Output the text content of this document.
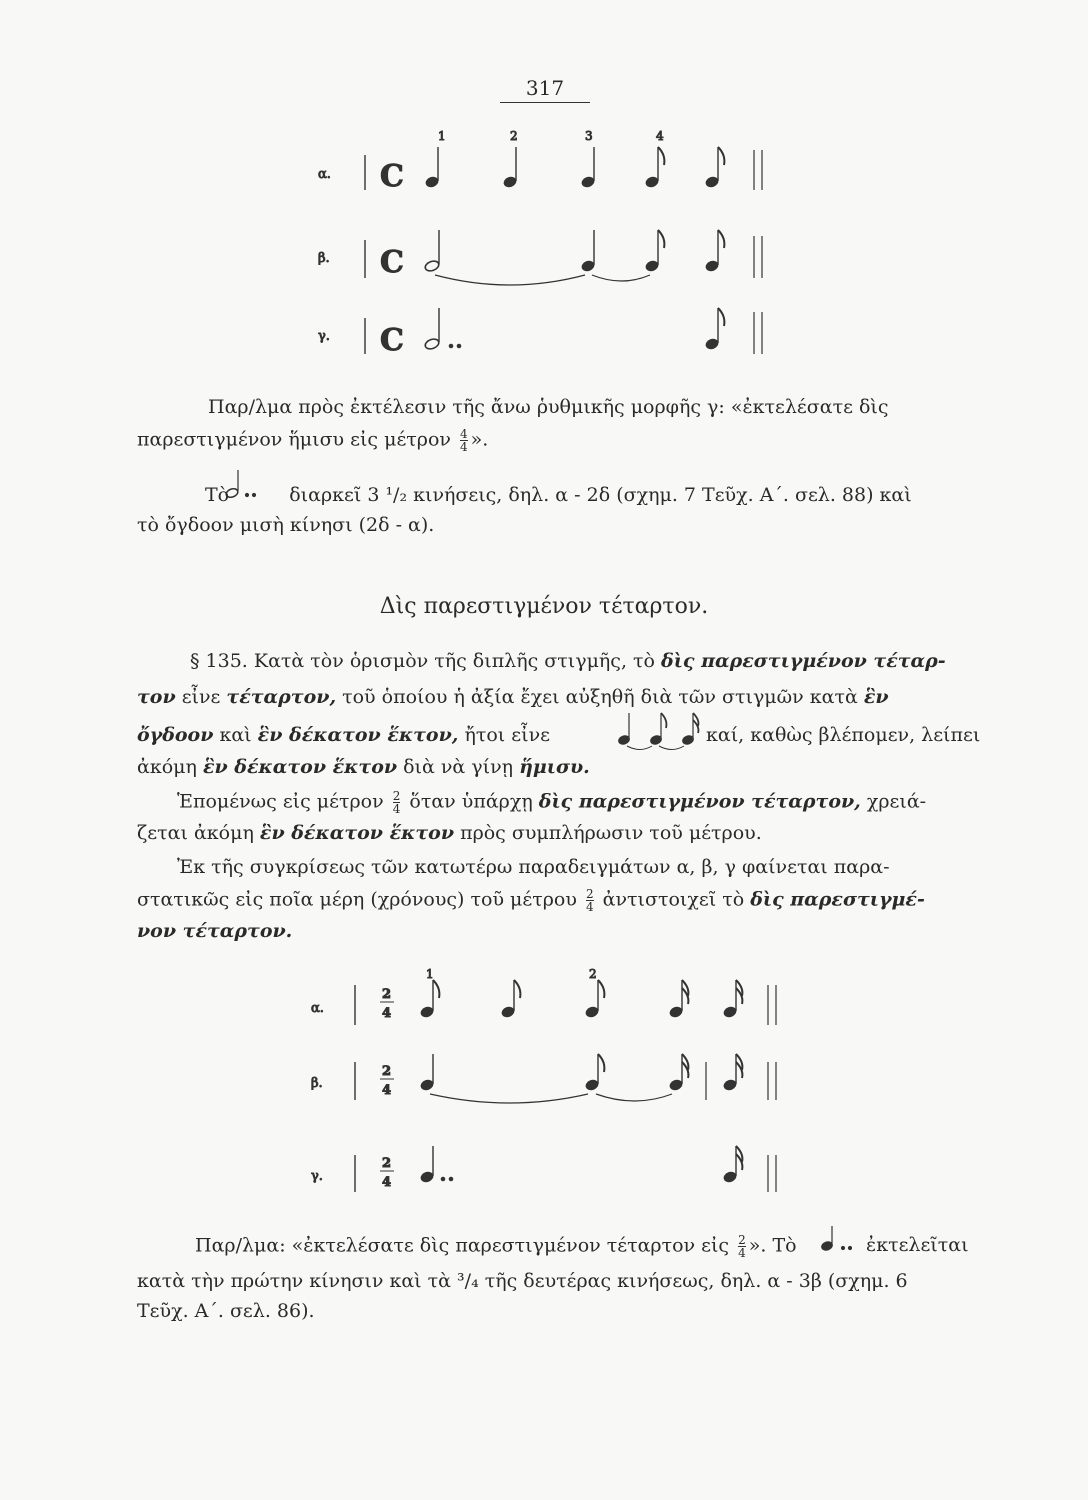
317
C
1	2	3	4
α.
C
β.
C
γ.
Παρ/λμα πρὸς ἐκτέλεσιν τῆς ἄνω ῥυθμικῆς μορφῆς γ: «ἐκτελέσατε δὶς
παρεστιγμένον ἥμισυ εἰς μέτρον $\frac{4}{4}$ ».
Τὸ	διαρκεῖ 3 ¹/₂ κινήσεις, δηλ. α - 2δ (σχημ. 7 Τεῦχ. Α΄. σελ. 88) καὶ
τὸ ὄγδοον μισὴ κίνησι (2δ - α).
Δὶς παρεστιγμένον τέταρτον.
§ 135. Κατὰ τὸν ὁρισμὸν τῆς διπλῆς στιγμῆς, τὸ δὶς παρεστιγμένον τέταρ-
τον εἶνε τέταρτον, τοῦ ὁποίου ἡ ἀξία ἔχει αὐξηθῆ διὰ τῶν στιγμῶν κατὰ ἓν
ὄγδοον καὶ ἓν δέκατον ἕκτον, ἤτοι εἶνε	καί, καθὼς βλέπομεν, λείπει
ἀκόμη ἓν δέκατον ἕκτον διὰ νὰ γίνῃ ἥμισυ.
Ἑπομένως εἰς μέτρον $\frac{2}{4}$ ὅταν ὑπάρχῃ δὶς παρεστιγμένον τέταρτον, χρειά-
ζεται ἀκόμη ἓν δέκατον ἕκτον πρὸς συμπλήρωσιν τοῦ μέτρου.
Ἐκ τῆς συγκρίσεως τῶν κατωτέρω παραδειγμάτων α, β, γ φαίνεται παρα-
στατικῶς εἰς ποῖα μέρη (χρόνους) τοῦ μέτρου $\frac{2}{4}$ ἀντιστοιχεῖ τὸ δὶς παρεστιγμέ-
νον τέταρτον.
2
4
1	2
α.
2
4
β.
2
4
γ.
Παρ/λμα: «ἐκτελέσατε δὶς παρεστιγμένον τέταρτον εἰς $\frac{2}{4}$ ». Τὸ	ἐκτελεῖται
κατὰ τὴν πρώτην κίνησιν καὶ τὰ ³/₄ τῆς δευτέρας κινήσεως, δηλ. α - 3β (σχημ. 6
Τεῦχ. Α΄. σελ. 86).
